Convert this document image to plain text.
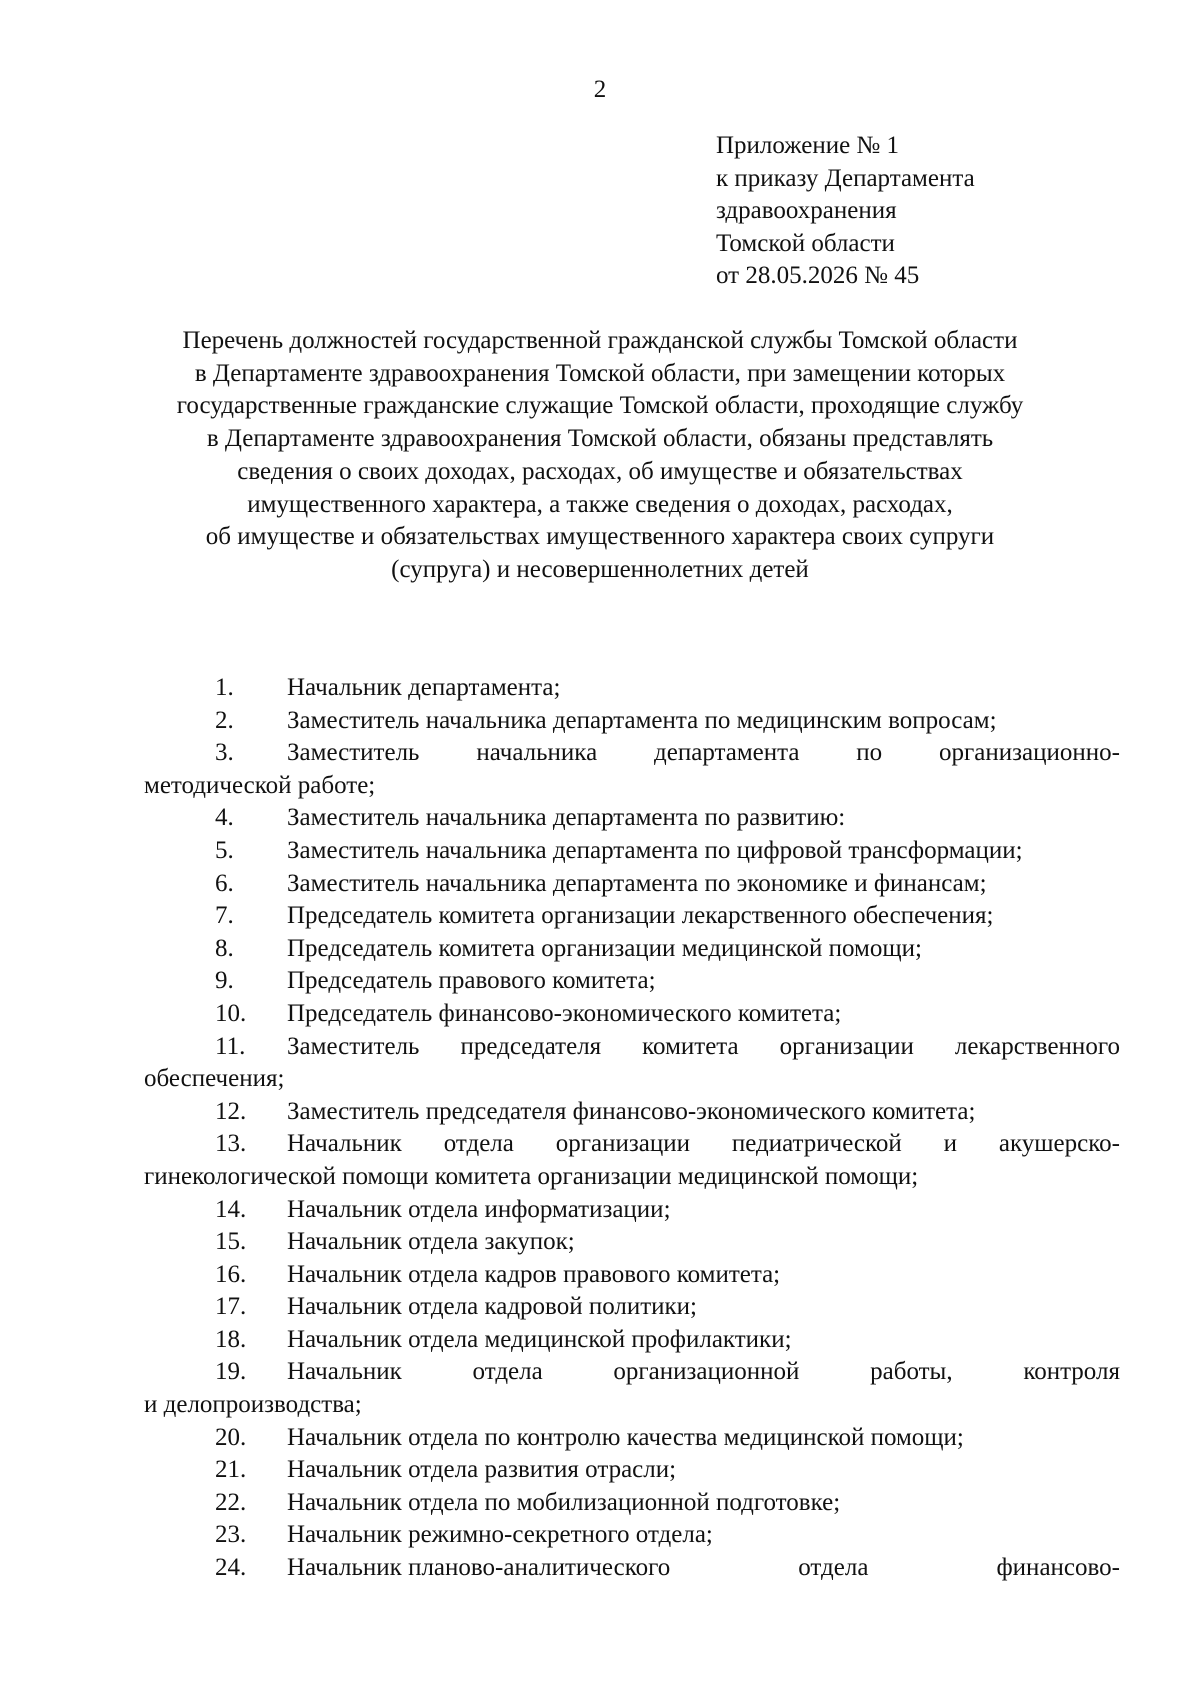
2
Приложение № 1
к приказу Департамента
здравоохранения
Томской области
от 28.05.2026 № 45
Перечень должностей государственной гражданской службы Томской области
в Департаменте здравоохранения Томской области, при замещении которых
государственные гражданские служащие Томской области, проходящие службу
в Департаменте здравоохранения Томской области, обязаны представлять
сведения о своих доходах, расходах, об имуществе и обязательствах
имущественного характера, а также сведения о доходах, расходах,
об имуществе и обязательствах имущественного характера своих супруги
(супруга) и несовершеннолетних детей
1.	Начальник департамента;
2.	Заместитель начальника департамента по медицинским вопросам;
3.	Заместитель начальника департамента по организационно-
методической работе;
4.	Заместитель начальника департамента по развитию:
5.	Заместитель начальника департамента по цифровой трансформации;
6.	Заместитель начальника департамента по экономике и финансам;
7.	Председатель комитета организации лекарственного обеспечения;
8.	Председатель комитета организации медицинской помощи;
9.	Председатель правового комитета;
10.	Председатель финансово-экономического комитета;
11.	Заместитель председателя комитета организации лекарственного
обеспечения;
12.	Заместитель председателя финансово-экономического комитета;
13.	Начальник отдела организации педиатрической и акушерско-
гинекологической помощи комитета организации медицинской помощи;
14.	Начальник отдела информатизации;
15.	Начальник отдела закупок;
16.	Начальник отдела кадров правового комитета;
17.	Начальник отдела кадровой политики;
18.	Начальник отдела медицинской профилактики;
19.	Начальник	отдела	организационной	работы,	контроля
и делопроизводства;
20.	Начальник отдела по контролю качества медицинской помощи;
21.	Начальник отдела развития отрасли;
22.	Начальник отдела по мобилизационной подготовке;
23.	Начальник режимно-секретного отдела;
24.	Начальник планово-аналитического	отдела	финансово-
